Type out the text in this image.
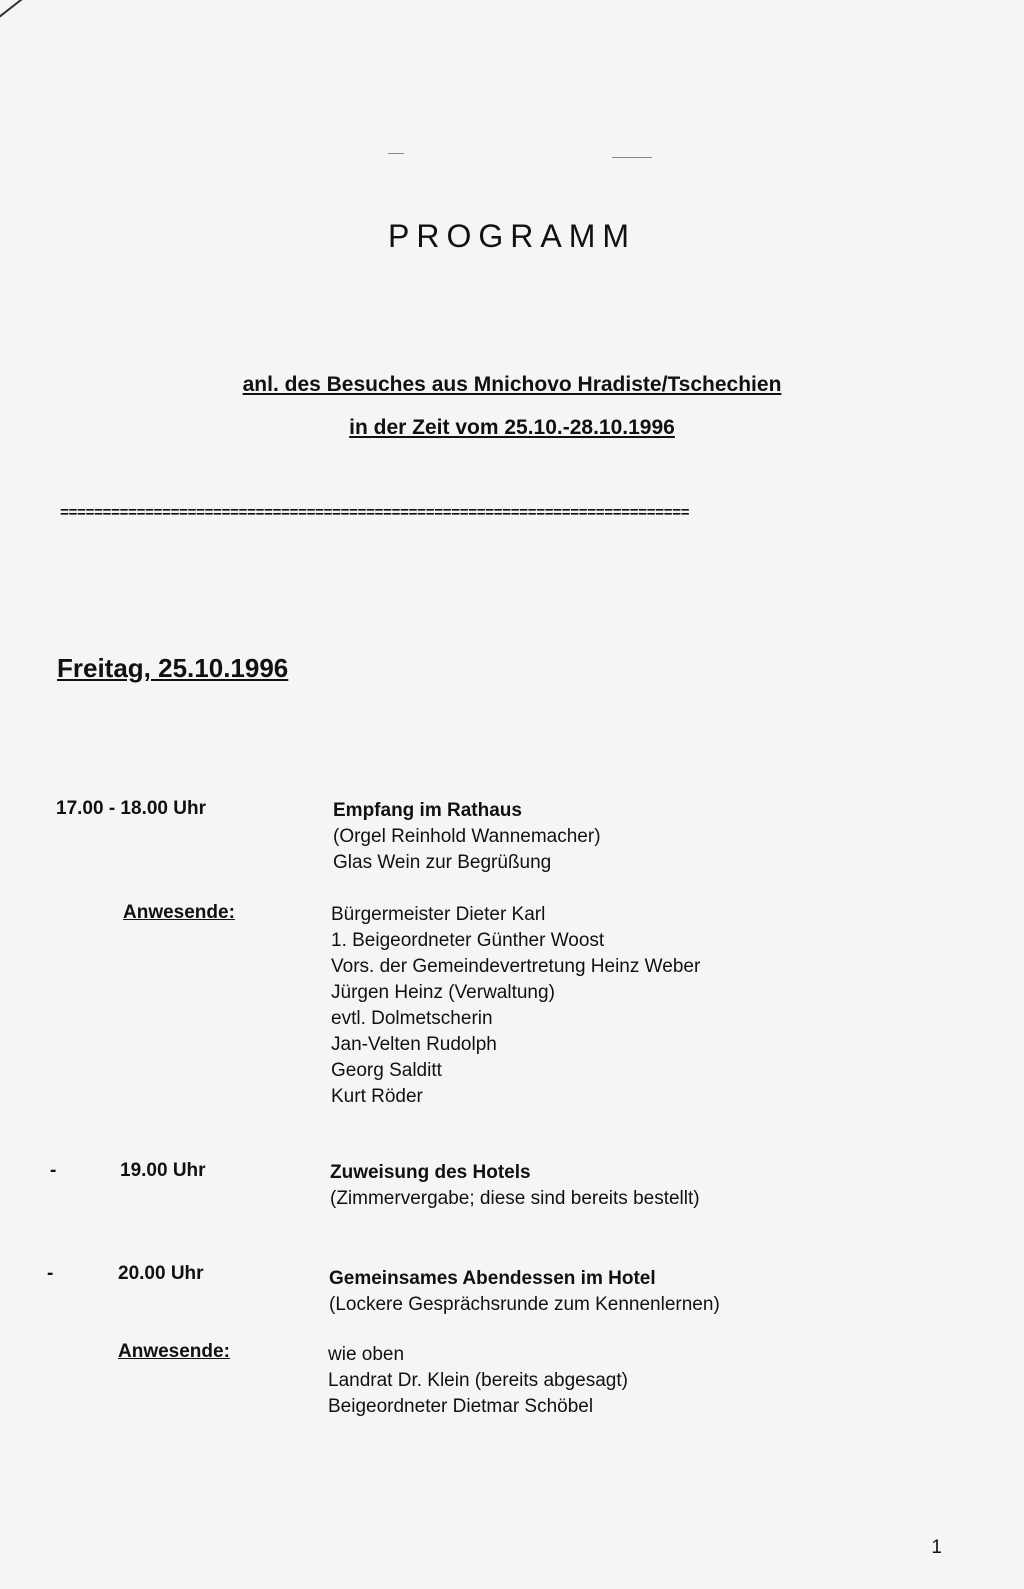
PROGRAMM
anl. des Besuches aus Mnichovo Hradiste/Tschechien
in der Zeit vom 25.10.-28.10.1996
==========================================================================
Freitag, 25.10.1996
17.00 - 18.00 Uhr	Empfang im Rathaus
(Orgel Reinhold Wannemacher)
Glas Wein zur Begrüßung
Anwesende:	Bürgermeister Dieter Karl
1. Beigeordneter Günther Woost
Vors. der Gemeindevertretung Heinz Weber
Jürgen Heinz (Verwaltung)
evtl. Dolmetscherin
Jan-Velten Rudolph
Georg Salditt
Kurt Röder
-	19.00 Uhr	Zuweisung des Hotels
(Zimmervergabe; diese sind bereits bestellt)
-	20.00 Uhr	Gemeinsames Abendessen im Hotel
(Lockere Gesprächsrunde zum Kennenlernen)
Anwesende:	wie oben
Landrat Dr. Klein (bereits abgesagt)
Beigeordneter Dietmar Schöbel
1
